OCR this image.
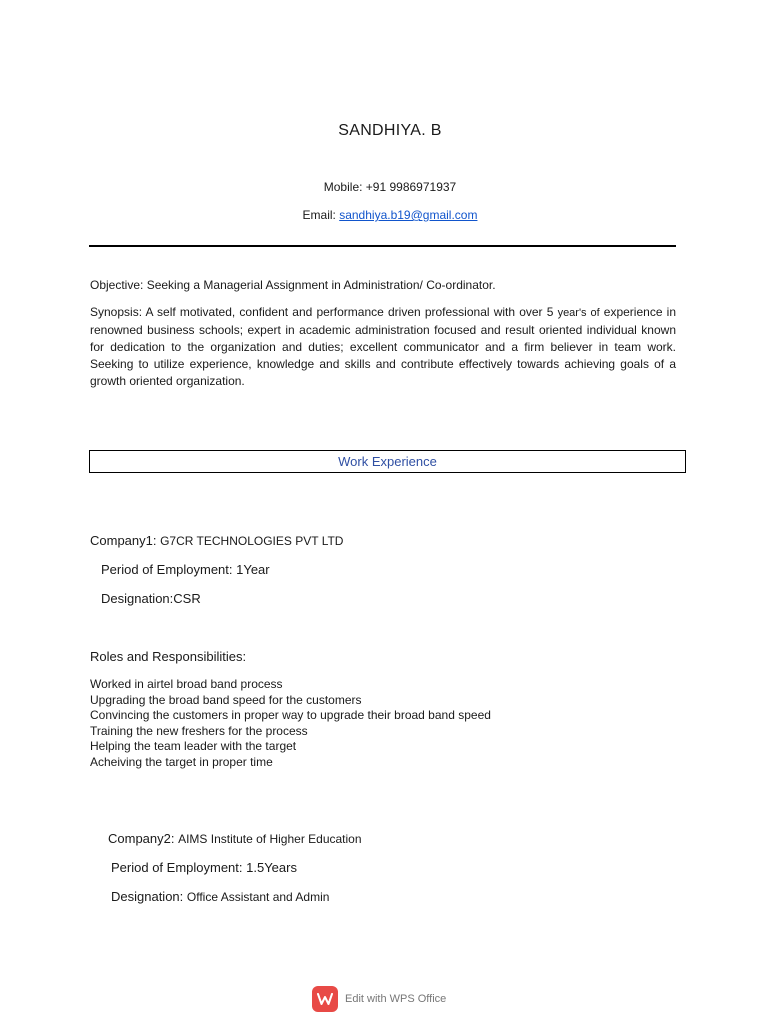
SANDHIYA. B
Mobile: +91 9986971937
Email: sandhiya.b19@gmail.com
Objective: Seeking a Managerial Assignment in Administration/ Co-ordinator.
Synopsis: A self motivated, confident and performance driven professional with over 5 year's of experience in renowned business schools; expert in academic administration focused and result oriented individual known for dedication to the organization and duties; excellent communicator and a firm believer in team work. Seeking to utilize experience, knowledge and skills and contribute effectively towards achieving goals of a growth oriented organization.
Work Experience
Company1: G7CR TECHNOLOGIES PVT LTD
Period of Employment: 1Year
Designation:CSR
Roles and Responsibilities:
Worked in airtel broad band process
Upgrading the broad band speed for the customers
Convincing the customers in proper way to upgrade their broad band speed
Training the new freshers for the process
Helping the team leader with the target
Acheiving the target in proper time
Company2: AIMS Institute of Higher Education
Period of Employment: 1.5Years
Designation: Office Assistant and Admin
Edit with WPS Office
